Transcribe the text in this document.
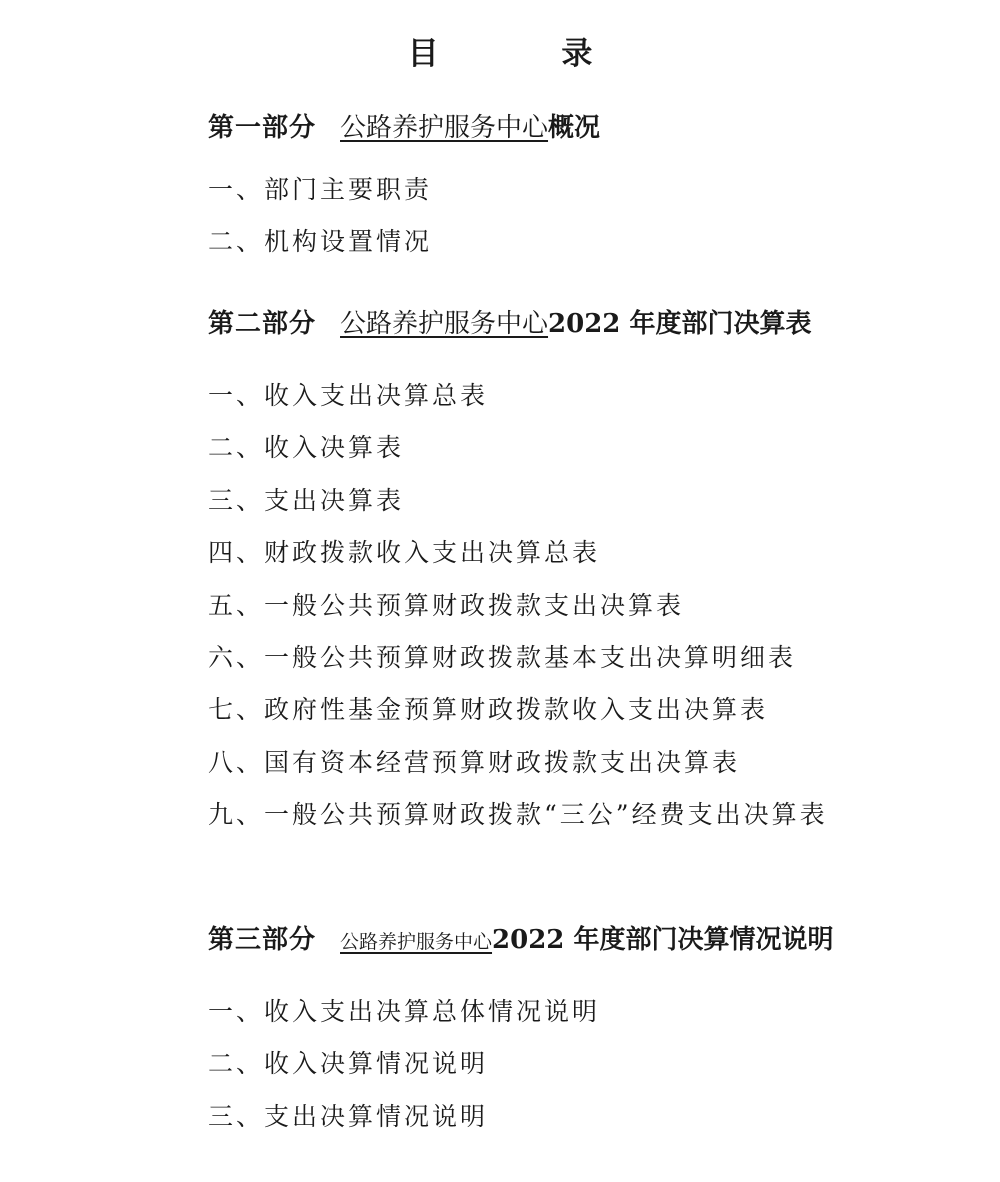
目 录
第一部分 公路养护服务中心概况
一、部门主要职责
二、机构设置情况
第二部分 公路养护服务中心2022 年度部门决算表
一、收入支出决算总表
二、收入决算表
三、支出决算表
四、财政拨款收入支出决算总表
五、一般公共预算财政拨款支出决算表
六、一般公共预算财政拨款基本支出决算明细表
七、政府性基金预算财政拨款收入支出决算表
八、国有资本经营预算财政拨款支出决算表
九、一般公共预算财政拨款“三公”经费支出决算表
第三部分 公路养护服务中心2022 年度部门决算情况说明
一、收入支出决算总体情况说明
二、收入决算情况说明
三、支出决算情况说明
